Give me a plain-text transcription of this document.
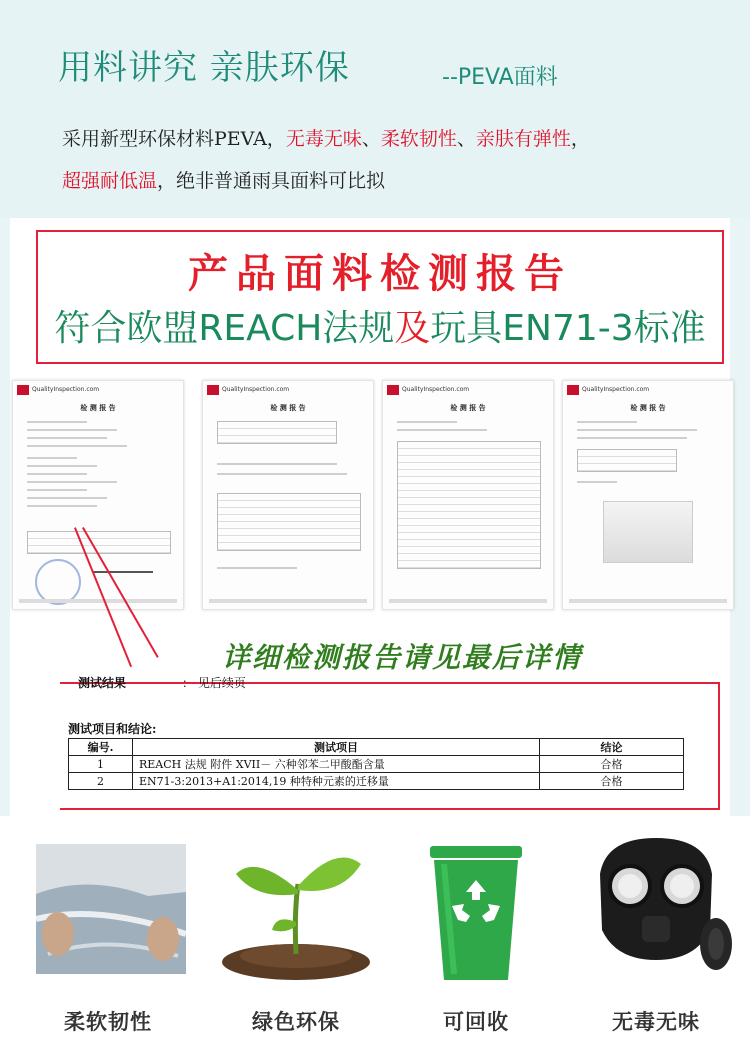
用料讲究 亲肤环保	--PEVA面料
采用新型环保材料PEVA，无毒无味、柔软韧性、亲肤有弹性，
超强耐低温，绝非普通雨具面料可比拟
产品面料检测报告
符合欧盟REACH法规及玩具EN71-3标准
QualityInspection.com
检 测 报 告
QualityInspection.com
检 测 报 告
QualityInspection.com
检 测 报 告
QualityInspection.com
检 测 报 告
测试结果	： 见后续页
测试项目和结论:
编号.	测试项目	结论
1	REACH 法规 附件 XVII－ 六种邻苯二甲酸酯含量	合格
2	EN71-3:2013+A1:2014,19 种特种元素的迁移量	合格
详细检测报告请见最后详情
柔软韧性	绿色环保	可回收	无毒无味
